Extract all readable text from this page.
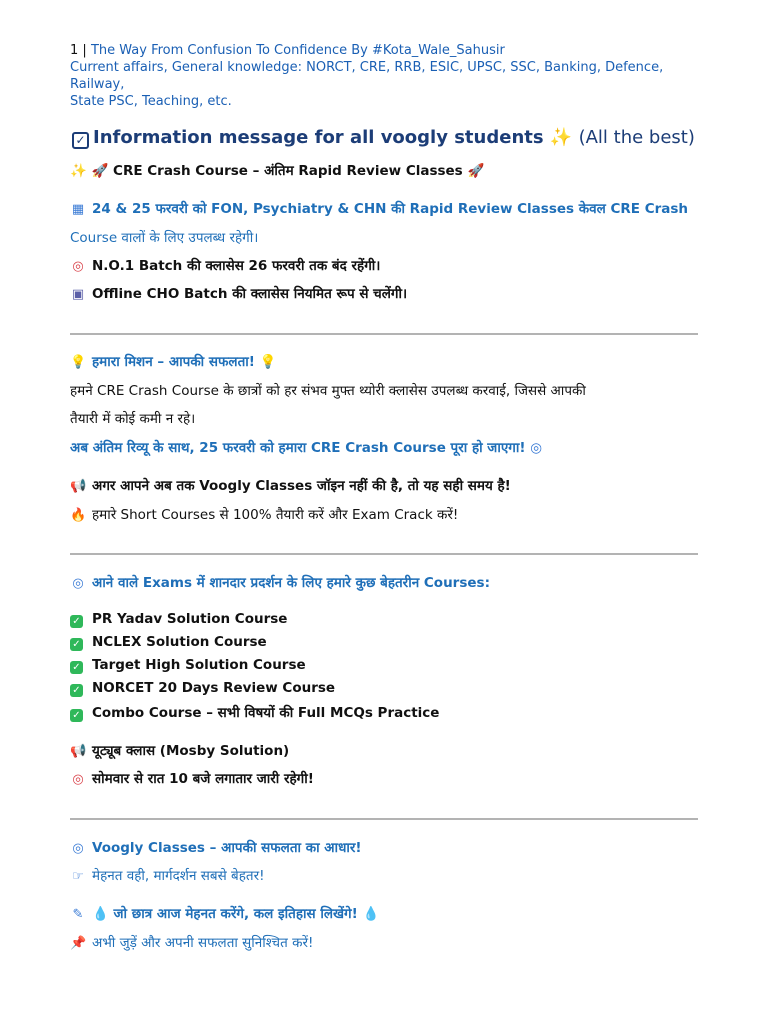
1 | The Way From Confusion To Confidence By #Kota_Wale_Sahusir
Current affairs, General knowledge: NORCT, CRE, RRB, ESIC, UPSC, SSC, Banking, Defence, Railway,
State PSC, Teaching, etc.
✓ Information message for all voogly students ✨ (All the best)
✨ 🚀 CRE Crash Course – अंतिम Rapid Review Classes 🚀
▦ 24 & 25 फरवरी को FON, Psychiatry & CHN की Rapid Review Classes केवल CRE Crash
Course वालों के लिए उपलब्ध रहेगी।
◎ N.O.1 Batch की क्लासेस 26 फरवरी तक बंद रहेंगी।
▣ Offline CHO Batch की क्लासेस नियमित रूप से चलेंगी।
💡 हमारा मिशन – आपकी सफलता! 💡
हमने CRE Crash Course के छात्रों को हर संभव मुफ्त थ्योरी क्लासेस उपलब्ध करवाई, जिससे आपकी
तैयारी में कोई कमी न रहे।
अब अंतिम रिव्यू के साथ, 25 फरवरी को हमारा CRE Crash Course पूरा हो जाएगा! ◎
📢 अगर आपने अब तक Voogly Classes जॉइन नहीं की है, तो यह सही समय है!
🔥 हमारे Short Courses से 100% तैयारी करें और Exam Crack करें!
◎ आने वाले Exams में शानदार प्रदर्शन के लिए हमारे कुछ बेहतरीन Courses:
✓ PR Yadav Solution Course
✓ NCLEX Solution Course
✓ Target High Solution Course
✓ NORCET 20 Days Review Course
✓ Combo Course – सभी विषयों की Full MCQs Practice
📢 यूट्यूब क्लास (Mosby Solution)
◎ सोमवार से रात 10 बजे लगातार जारी रहेगी!
◎ Voogly Classes – आपकी सफलता का आधार!
☞ मेहनत वही, मार्गदर्शन सबसे बेहतर!
✎ 💧 जो छात्र आज मेहनत करेंगे, कल इतिहास लिखेंगे! 💧
📌 अभी जुड़ें और अपनी सफलता सुनिश्चित करें!
